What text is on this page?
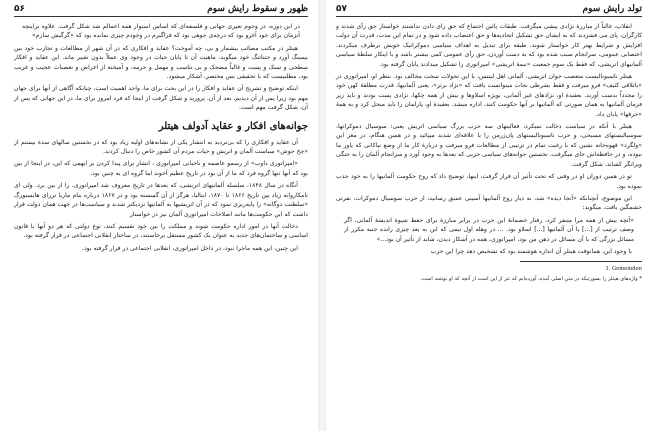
ظهور و سقوط رایش سوم
۵۶

در این دوره، در وجوم تعیری جهانی و فلسفه‌ای که اساس استوار همه اعمالم شد شکل گرفت. علاوه براینچه آنزمان برای خود آغرو بود که درچه‌ی جوهی بود که فراگیرم در وجودم چیزی نمانده بود که «گرگیش سازم»

هیتلر در مکتب مصائب بیشمار و بی، چه آموخت؟ عقاید و افکاری که در آن شهر از مطالعات و تجارب خود بین بیمینگ آورد و جنتاتنگ خود میگوید، ماهیت آن تا پایان حیات در وجود وی عملاً بدون تغییر ماند. این عقاید و افکار سطحی و سبک و پست و غالباً مضحک و بی تناسب و مهمل و جرمه، و آمیخته از اغراض و تعصبات عجیب و غریب بود، مطلبیست که با تحقیقی بس مختصر، آشکار میشود.

اینکه توضیح و تشریح آن عقاید و افکار را در این بحث برای ما، واجد اهمیت است، چنانکه آگاهی از آنها برای جهان مهم بود زیرا پس از آن دیدیم، بعد از آن. پرورید و شکل گرفت از اینجا که فرد امروز برای ما، در این جهانی که پس از آن، شکل گرفت مهم است.

جوانه‌های افکار و عقاید آدولف هیتلر

آن عقاید و افکاری را که بی‌تردید به انتشار یکی از نشانه‌های اولیه زیاد بود که در نخستین سالهای سدهٔ بیستم از «چخ جوش» سیاست آلمان و اتریش و حیات مردم آن کشور خاص را دنبال کردند.

«امپراتوری داوب» از رسمو عاصمه و ناحبانی امپراتوری ، انشار برای پیدا کردن بر ایهمی که این، در اینجا از بین بود که آنها تنها گروه فرد که ما از آن بود در تاریخ عظیم آخوند اما گروه ای به چنین بود.

آنگاه در سال ۱۸۴۸، سلسله آلمانیهای اتریشی، که بعدها در تاریخ معروف شد امپراتوری، را از بین برد. ولی ای نامکاروانه زیاد بین تاریخ ۱۸۶۶ تا ۱۸۷۰، ایتالیا، هرگز از آن گسسته بود و در ۱۸۶۷ درباره بنام ماریا ترزای هابسبورگ «سلطنت دوگانه» را پایه‌ریزی نمود که در آن اتریشیها به آلمانیها نزدیکتر شدند و سیاست‌ها در جهت همان دولت قرار داشت که این حکومت‌ها مانند اصلاحات امپراتوری آلمان نیز در خواستار

دخالت آنها در امور اداره حکومت شوند و مملکت را بین خود تقسیم کنند، نوع دولتی که هر دو آنها با قانون اساسی و ساختمان‌های جدید به عنوان یک کشور مستقل برخاستند، در ساختار انقلابی اجتماعی در قرار گرفته بود.

این چنین، این همه ماجرا نبود، در داخل امپراتوری، انقلابی اجتماعی در قرار گرفته بود.

تولد رایش سوم
۵۷

انقلاب، غالباً از مبارزهٔ نژادی پیشی میگرفت. طبقات پائین اجتماع که حق رای دادن نداشتند خواستار حق رأی شدند و کارگران، پای می فشردند که به ایشان حق تشکیل اتحادیه‌ها و حق اعتصاب داده شود و در تمام این مدت، قدرت آن دولت افزایش و شرایط بهتر کار خواستار شوند. طبقه برای تبدیل به اهداف سیاسی دموکراتیک خویش برطرف میکردند. اعتصابی عمومی، سرانجام سبب شده بود که به دست آوردن، حق رأی عمومی کمی بیشتر باشد و با اینکار سلطهٔ سیاسی آلمانیهای اتریشی، که فقط یک سوم جمعیت «نیمهٔ اتریشی» امپراتوری را تشکیل میدادند پایان گرفته بود.

هیتلر ناسیونالیست متعصب جوان اتریشی، آلمانی اهل لینتس، با این تحولات سخت مخالف بود. بنظر او، امپراتوری در «باتلاقی کثیف» فرو میرفت و فقط بشرطی نجات میتوانست یافت که «نژاد برتر»، یعنی آلمانیها، قدرت مطلقهٔ کهن خود را مجدداً بدست آورند. بعقیدهٔ او، نژادهای غیر آلمانی، بویژه اسلاوها و بیش از همه چکها، نژادی پست بودند و باید زیر فرمان آلمانیها به همان صورتی که آلمانیها بر آنها حکومت کنند، اداره میشد. بعقیدهٔ او، پارلمان را باید منحل کرد و به همهٔ «حرفها» پایان داد.

هیتلر با آنکه در سیاست دخالت نمیکرد، فعالیتهای سه حزب بزرگ سیاسی اتریش یعنی: سوسیال دموکراتها، سوسیالیستهای مسیحی، و حزب ناسیونالیستهای پان‌ژرمن را با علاقه‌ای شدید میپائید و در همین هنگام، در مغز این «ولگرد» قهوه‌خانه نشین که با رغبت تمام در ترتیبی از مطالعات فرو میرفت و دربارهٔ کار ما از وضع نیاکانی که یاور ما نبوده، و در حافظه‌اش جای میگرفت، نخستین جوانه‌های سیاسی حزبی که بعدها به وجود آورد و سرانجام آلمان را به جنگی ویرانگر کشاند، شکل گرفت.

تو در همین دوران او در وقتی که تحت تأثیر آن قرار گرفت، اینها، توضیح داد که روح حکومت آلمانیها را به خود جذب نموده بود.

این موضوع، آنچنانکه «آنجا دیده» شد، به دیار روح آلمانیها آسیبی عمیق رسانید، از حزب سوسیال دموکرات، نفرتی خشمگین یافت. میگوید:

«آنچه بیش از همه مرا متنفر کرد، رفتار خصمانهٔ این حزب در برابر مبارزهٔ برای حفظ شیوهٔ اندیشهٔ آلمانی، اگر وصف ترتیب از [...] یا آن آلمانیها [...] اسلاو بود. ... در وهله اول نیمی که این به بعد چیزی رانده جنبه مکرر از مسائل بزرگی که با آن مسائل در ذهن من بود، امپراتوری، همه در آشکار دیدن، شاید از تأثیر آن بود...»

با وجود این، همانوقت هیتلر آن اندازه هوشمند بود که تشخیص دهد چرا این حزب

1. Gemeinden

* واژه‌های هیتلر را بصورتیکه در متن اصلی آمده، آورده‌ایم که نثر از این است از آنچه که او نوشته است.
